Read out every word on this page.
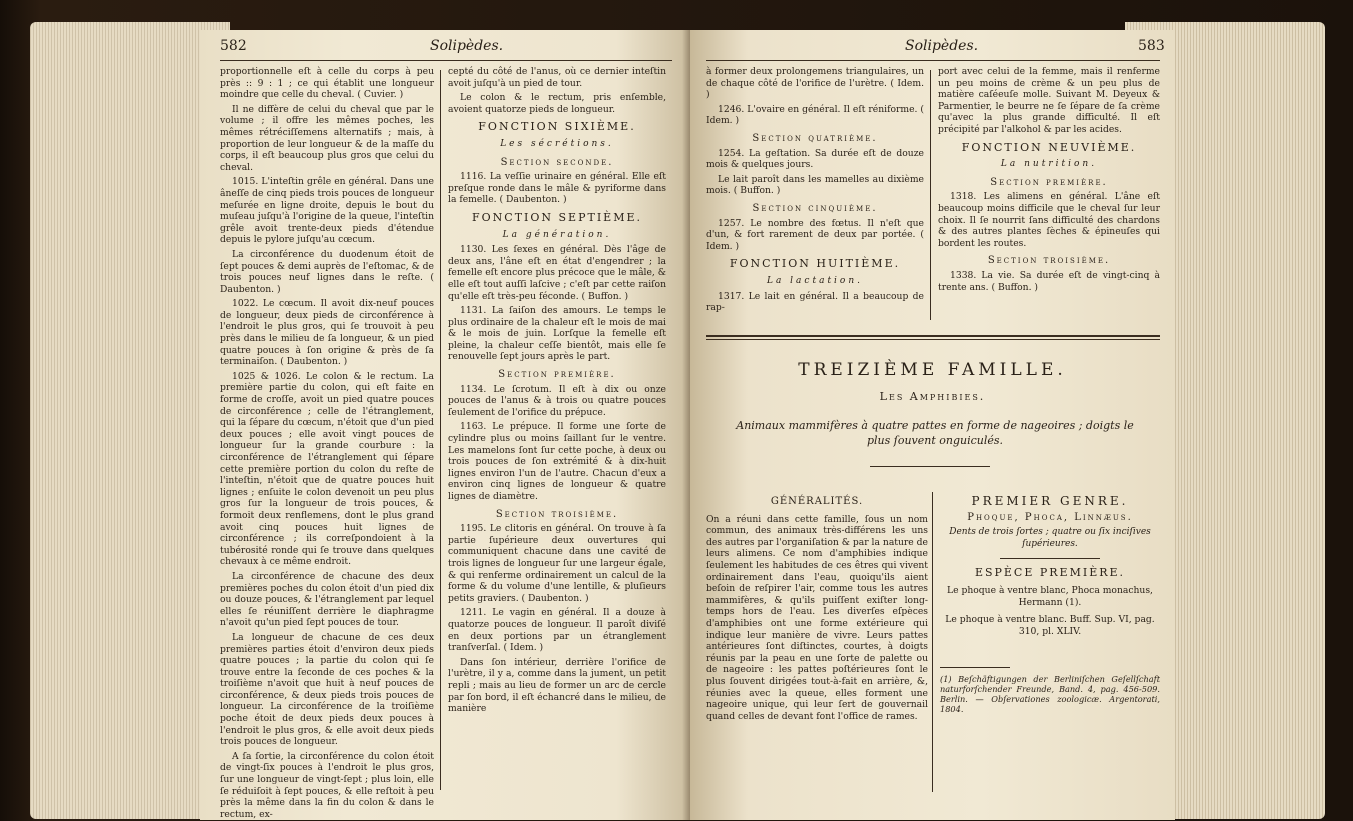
582	Solipèdes.

proportionnelle eſt à celle du corps à peu près :: 9 : 1 ; ce qui établit une longueur moindre que celle du cheval. ( Cuvier. )

Il ne diffère de celui du cheval que par le volume ; il offre les mêmes poches, les mêmes rétréciſſemens alternatifs ; mais, à proportion de leur longueur & de la maſſe du corps, il eſt beaucoup plus gros que celui du cheval.

1015. L'inteſtin grêle en général. Dans une âneſſe de cinq pieds trois pouces de longueur meſurée en ligne droite, depuis le bout du muſeau juſqu'à l'origine de la queue, l'inteſtin grêle avoit trente-deux pieds d'étendue depuis le pylore juſqu'au cœcum.

La circonférence du duodenum étoit de ſept pouces & demi auprès de l'eſtomac, & de trois pouces neuf lignes dans le reſte. ( Daubenton. )

1022. Le cœcum. Il avoit dix-neuf pouces de longueur, deux pieds de circonférence à l'endroit le plus gros, qui ſe trouvoit à peu près dans le milieu de ſa longueur, & un pied quatre pouces à ſon origine & près de ſa terminaiſon. ( Daubenton. )

1025 & 1026. Le colon & le rectum. La première partie du colon, qui eſt faite en forme de croſſe, avoit un pied quatre pouces de circonférence ; celle de l'étranglement, qui la ſépare du cœcum, n'étoit que d'un pied deux pouces ; elle avoit vingt pouces de longueur ſur la grande courbure : la circonférence de l'étranglement qui ſépare cette première portion du colon du reſte de l'inteſtin, n'étoit que de quatre pouces huit lignes ; enſuite le colon devenoit un peu plus gros ſur la longueur de trois pouces, & formoit deux renflemens, dont le plus grand avoit cinq pouces huit lignes de circonférence ; ils correſpondoient à la tubérosité ronde qui ſe trouve dans quelques chevaux à ce même endroit.

La circonférence de chacune des deux premières poches du colon étoit d'un pied dix ou douze pouces, & l'étranglement par lequel elles ſe réuniſſent derrière le diaphragme n'avoit qu'un pied ſept pouces de tour.

La longueur de chacune de ces deux premières parties étoit d'environ deux pieds quatre pouces ; la partie du colon qui ſe trouve entre la ſeconde de ces poches & la troiſième n'avoit que huit à neuf pouces de circonférence, & deux pieds trois pouces de longueur. La circonférence de la troiſième poche étoit de deux pieds deux pouces à l'endroit le plus gros, & elle avoit deux pieds trois pouces de longueur.

A ſa ſortie, la circonférence du colon étoit de vingt-ſix pouces à l'endroit le plus gros, ſur une longueur de vingt-ſept ; plus loin, elle ſe réduiſoit à ſept pouces, & elle reſtoit à peu près la même dans la fin du colon & dans le rectum, ex-

cepté du côté de l'anus, où ce dernier inteſtin avoit juſqu'à un pied de tour.

Le colon & le rectum, pris enſemble, avoient quatorze pieds de longueur.

FONCTION SIXIÈME.
Les sécrétions.
Section seconde.

1116. La veſſie urinaire en général. Elle eſt preſque ronde dans le mâle & pyriforme dans la femelle. ( Daubenton. )

FONCTION SEPTIÈME.
La génération.

1130. Les ſexes en général. Dès l'âge de deux ans, l'âne eſt en état d'engendrer ; la femelle eſt encore plus précoce que le mâle, & elle eſt tout auſſi laſcive ; c'eſt par cette raiſon qu'elle eſt très-peu féconde. ( Buffon. )

1131. La ſaiſon des amours. Le temps le plus ordinaire de la chaleur eſt le mois de mai & le mois de juin. Lorſque la femelle eſt pleine, la chaleur ceſſe bientôt, mais elle ſe renouvelle ſept jours après le part.

Section première.

1134. Le ſcrotum. Il eſt à dix ou onze pouces de l'anus & à trois ou quatre pouces ſeulement de l'orifice du prépuce.

1163. Le prépuce. Il forme une ſorte de cylindre plus ou moins ſaillant ſur le ventre. Les mamelons ſont ſur cette poche, à deux ou trois pouces de ſon extrémité & à dix-huit lignes environ l'un de l'autre. Chacun d'eux a environ cinq lignes de longueur & quatre lignes de diamètre.

Section troisième.

1195. Le clitoris en général. On trouve à ſa partie ſupérieure deux ouvertures qui communiquent chacune dans une cavité de trois lignes de longueur ſur une largeur égale, & qui renferme ordinairement un calcul de la forme & du volume d'une lentille, & pluſieurs petits graviers. ( Daubenton. )

1211. Le vagin en général. Il a douze à quatorze pouces de longueur. Il paroît diviſé en deux portions par un étranglement tranſverſal. ( Idem. )

Dans ſon intérieur, derrière l'orifice de l'urètre, il y a, comme dans la jument, un petit repli ; mais au lieu de former un arc de cercle par ſon bord, il eſt échancré dans le milieu, de manière

Solipèdes.	583

à former deux prolongemens triangulaires, un de chaque côté de l'orifice de l'urètre. ( Idem. )

1246. L'ovaire en général. Il eſt réniforme. ( Idem. )

Section quatrième.

1254. La geſtation. Sa durée eſt de douze mois & quelques jours.

Le lait paroît dans les mamelles au dixième mois. ( Buffon. )

Section cinquième.

1257. Le nombre des fœtus. Il n'eſt que d'un, & fort rarement de deux par portée. ( Idem. )

FONCTION HUITIÈME.
La lactation.

1317. Le lait en général. Il a beaucoup de rap-

port avec celui de la femme, mais il renferme un peu moins de crème & un peu plus de matière caſéeuſe molle. Suivant M. Deyeux & Parmentier, le beurre ne ſe ſépare de ſa crème qu'avec la plus grande difficulté. Il eſt précipité par l'alkohol & par les acides.

FONCTION NEUVIÈME.
La nutrition.
Section première.

1318. Les alimens en général. L'âne eſt beaucoup moins difficile que le cheval ſur leur choix. Il ſe nourrit ſans difficulté des chardons & des autres plantes ſèches & épineuſes qui bordent les routes.

Section troisième.

1338. La vie. Sa durée eſt de vingt-cinq à trente ans. ( Buffon. )

TREIZIÈME FAMILLE.
Les Amphibies.
Animaux mammifères à quatre pattes en forme de nageoires ; doigts le plus ſouvent onguiculés.
GÉNÉRALITÉS.

On a réuni dans cette famille, ſous un nom commun, des animaux très-différens les uns des autres par l'organiſation & par la nature de leurs alimens. Ce nom d'amphibies indique ſeulement les habitudes de ces êtres qui vivent ordinairement dans l'eau, quoiqu'ils aient beſoin de reſpirer l'air, comme tous les autres mammifères, & qu'ils puiſſent exiſter long-temps hors de l'eau. Les diverſes eſpèces d'amphibies ont une forme extérieure qui indique leur manière de vivre. Leurs pattes antérieures ſont diſtinctes, courtes, à doigts réunis par la peau en une ſorte de palette ou de nageoire : les pattes poſtérieures ſont le plus ſouvent dirigées tout-à-fait en arrière, &, réunies avec la queue, elles forment une nageoire unique, qui leur ſert de gouvernail quand celles de devant font l'office de rames.

PREMIER GENRE.
Phoque, Phoca, Linnæus.
Dents de trois ſortes ; quatre ou ſix inciſives ſupérieures.
ESPÈCE PREMIÈRE.

Le phoque à ventre blanc, Phoca monachus, Hermann (1).

Le phoque à ventre blanc. Buff. Sup. VI, pag. 310, pl. XLIV.

(1) Beſchäftigungen der Berliniſchen Geſellſchaft naturforſchender Freunde, Band. 4, pag. 456-509. Berlin. — Obſervationes zoologicæ. Argentorati, 1804.
